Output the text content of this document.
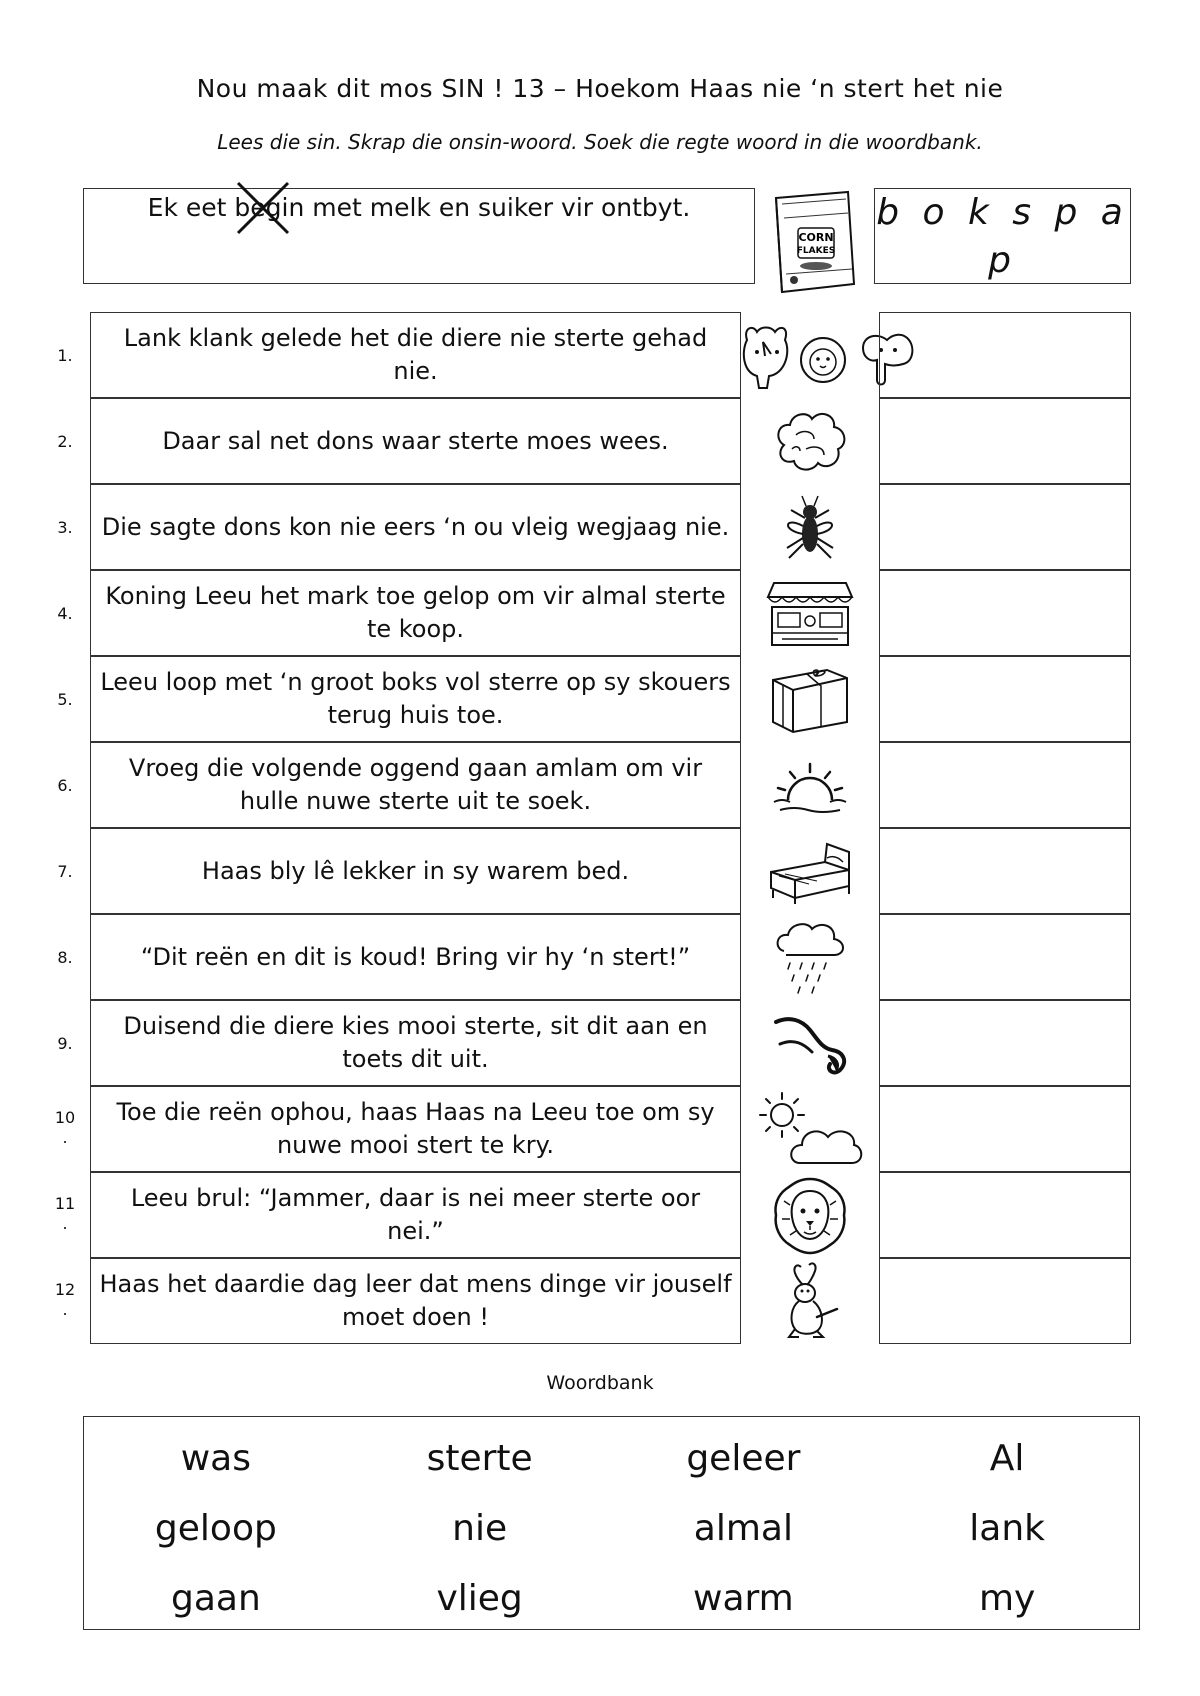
Nou maak dit mos SIN ! 13 – Hoekom Haas nie ‘n stert het nie
Lees die sin. Skrap die onsin-woord. Soek die regte woord in die woordbank.
Ek eet beg
in met melk en suiker vir ontbyt.
CORN
FLAKES
b o k s p a
p
1.
Lank klank gelede het die diere nie sterte gehad nie.
2.	Daar sal net dons waar sterte moes wees.
3.	Die sagte dons kon nie eers ‘n ou vleig wegjaag nie.
4.
Koning Leeu het mark toe gelop om vir almal sterte te koop.
5.
Leeu loop met ‘n groot boks vol sterre op sy skouers terug huis toe.
6.
Vroeg die volgende oggend gaan amlam om vir hulle nuwe sterte uit te soek.
7.	Haas bly lê lekker in sy warem bed.
8.	“Dit reën en dit is koud! Bring vir hy ‘n stert!”
9.
Duisend die diere kies mooi sterte, sit dit aan en toets dit uit.
10
.
Toe die reën ophou, haas Haas na Leeu toe om sy nuwe mooi stert te kry.
11
.
Leeu brul: “Jammer, daar is nei meer sterte oor nei.”
12
.
Haas het daardie dag leer dat mens dinge vir jouself moet doen !
Woordbank
was	sterte	geleer	Al
geloop	nie	almal	lank
gaan	vlieg	warm	my
